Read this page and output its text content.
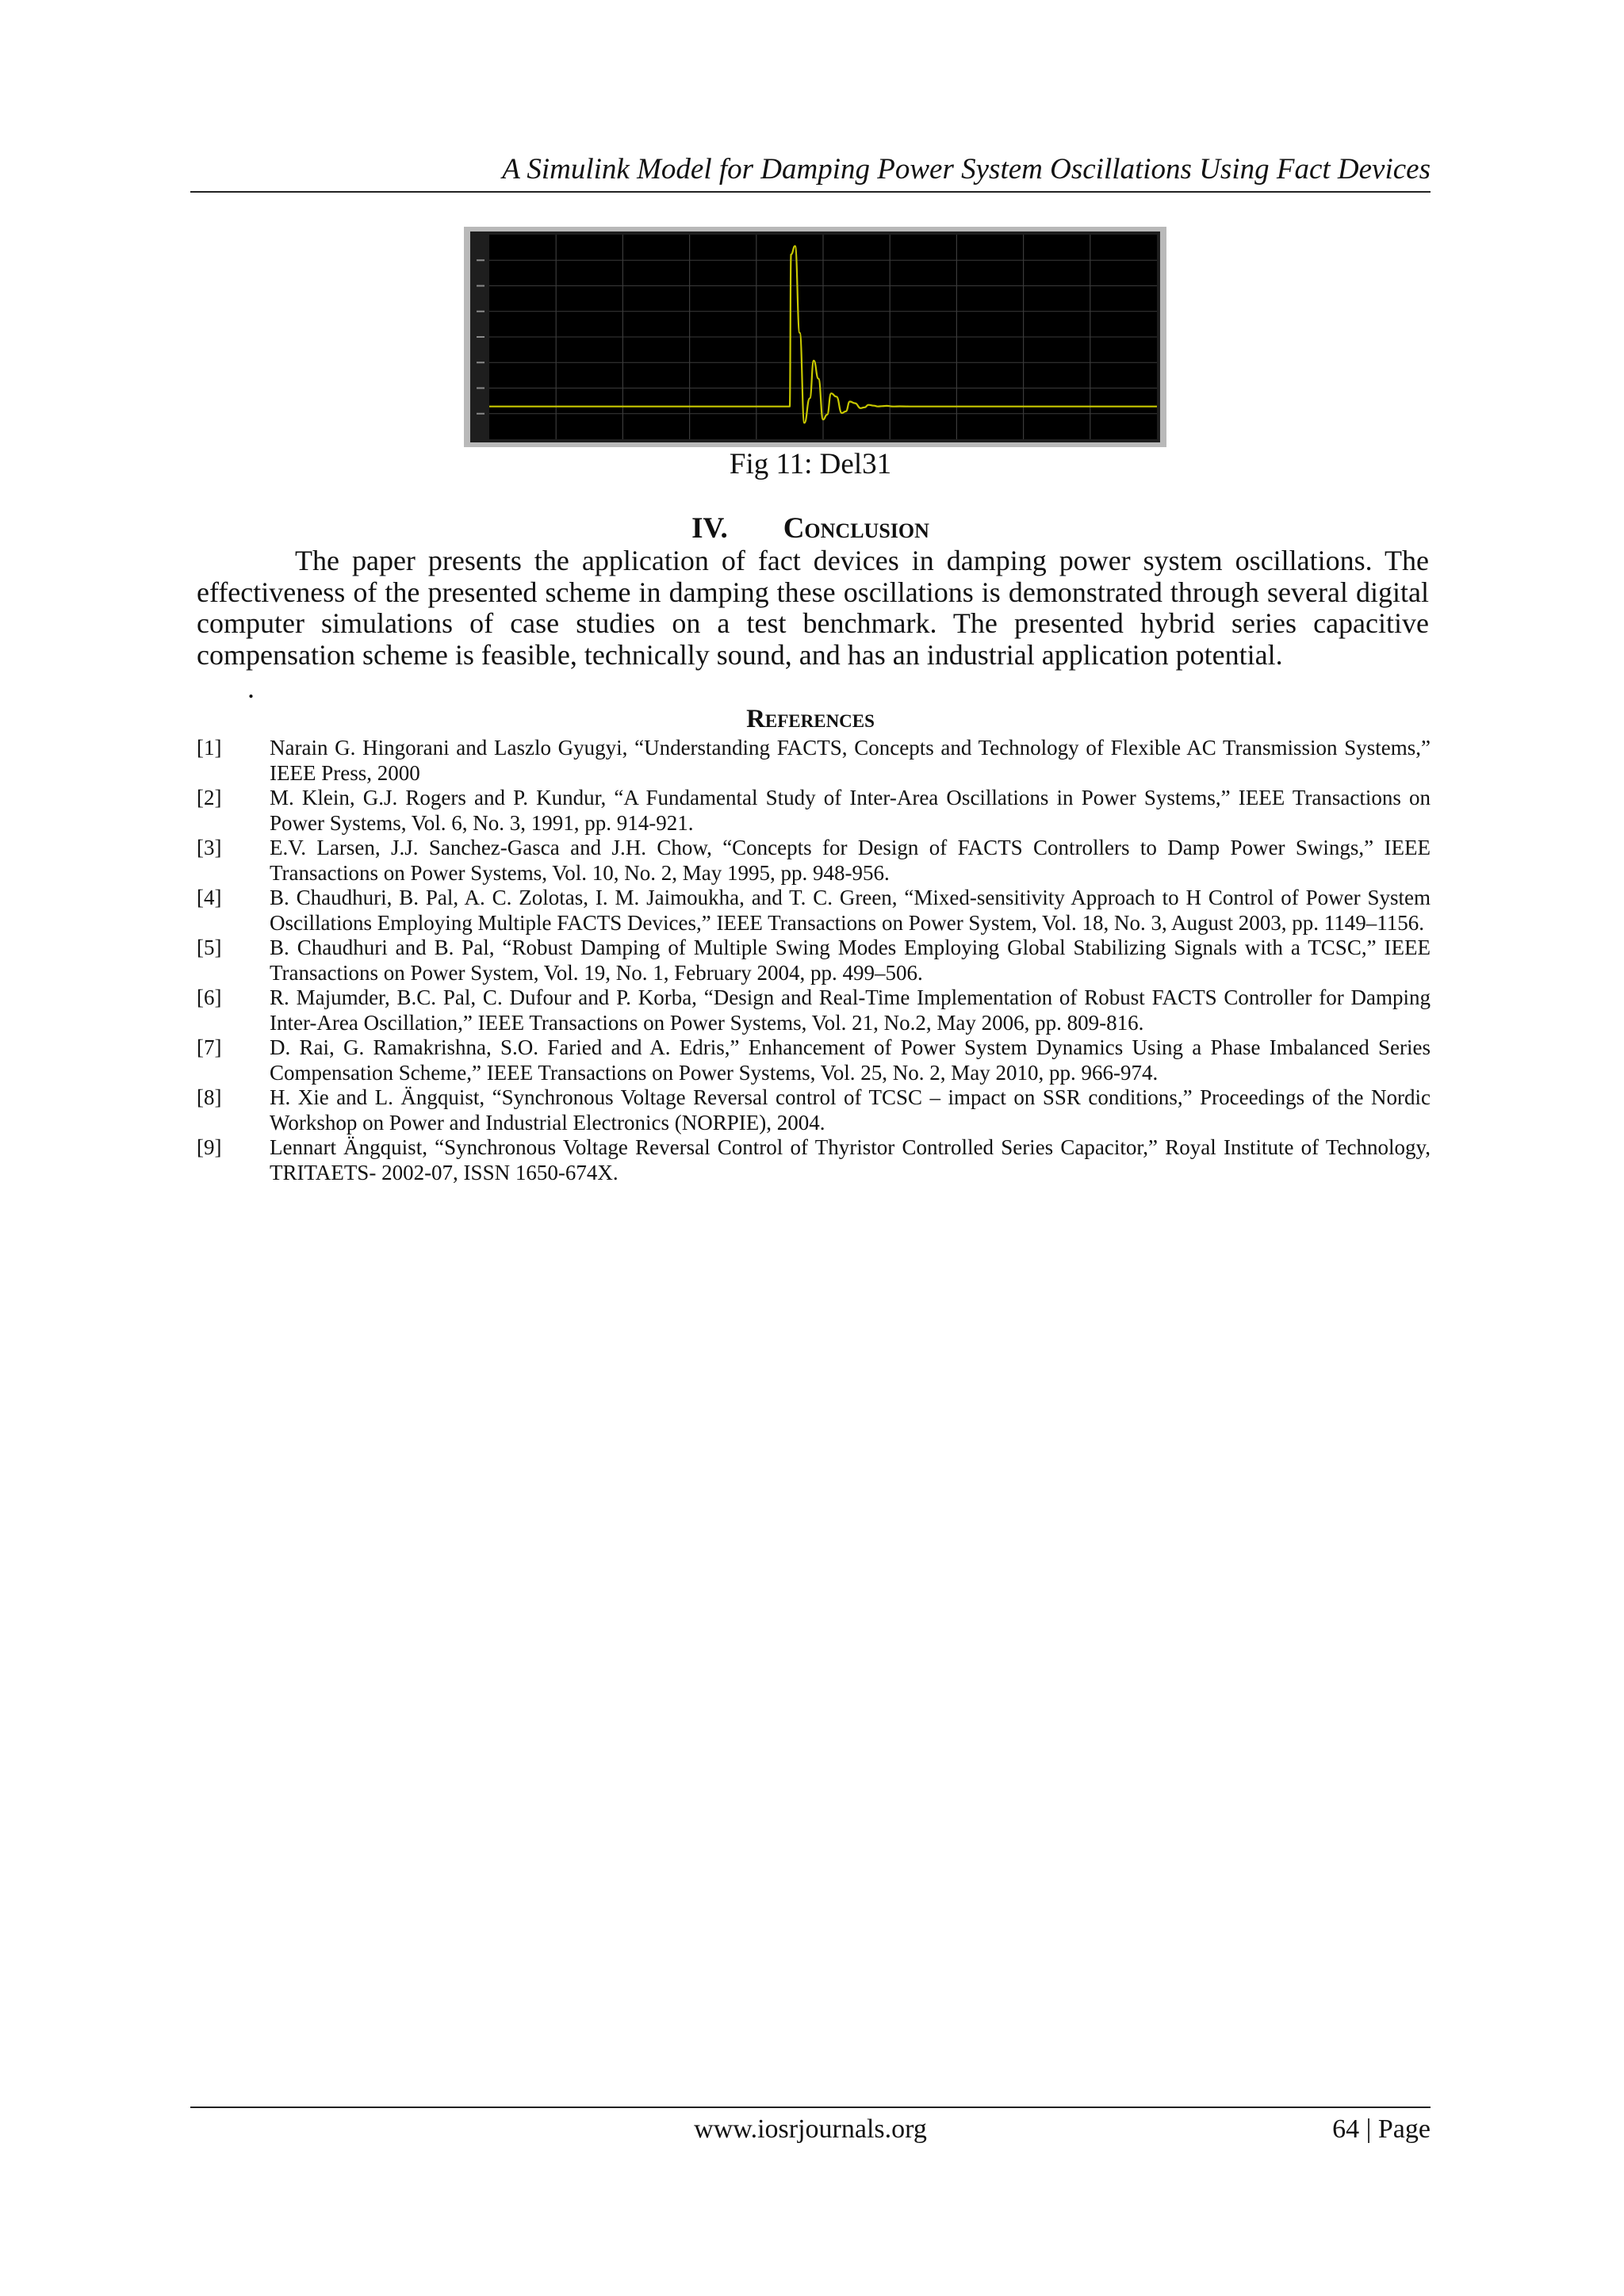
A Simulink Model for Damping Power System Oscillations Using Fact Devices
Fig 11: Del31
IV. Conclusion
The paper presents the application of fact devices in damping power system oscillations. The effectiveness of the presented scheme in damping these oscillations is demonstrated through several digital computer simulations of case studies on a test benchmark. The presented hybrid series capacitive compensation scheme is feasible, technically sound, and has an industrial application potential.
.
References
[1] Narain G. Hingorani and Laszlo Gyugyi, “Understanding FACTS, Concepts and Technology of Flexible AC Transmission Systems,” IEEE Press, 2000
[2] M. Klein, G.J. Rogers and P. Kundur, “A Fundamental Study of Inter-Area Oscillations in Power Systems,” IEEE Transactions on Power Systems, Vol. 6, No. 3, 1991, pp. 914-921.
[3] E.V. Larsen, J.J. Sanchez-Gasca and J.H. Chow, “Concepts for Design of FACTS Controllers to Damp Power Swings,” IEEE Transactions on Power Systems, Vol. 10, No. 2, May 1995, pp. 948-956.
[4] B. Chaudhuri, B. Pal, A. C. Zolotas, I. M. Jaimoukha, and T. C. Green, “Mixed-sensitivity Approach to H Control of Power System Oscillations Employing Multiple FACTS Devices,” IEEE Transactions on Power System, Vol. 18, No. 3, August 2003, pp. 1149–1156.
[5] B. Chaudhuri and B. Pal, “Robust Damping of Multiple Swing Modes Employing Global Stabilizing Signals with a TCSC,” IEEE Transactions on Power System, Vol. 19, No. 1, February 2004, pp. 499–506.
[6] R. Majumder, B.C. Pal, C. Dufour and P. Korba, “Design and Real-Time Implementation of Robust FACTS Controller for Damping Inter-Area Oscillation,” IEEE Transactions on Power Systems, Vol. 21, No.2, May 2006, pp. 809-816.
[7] D. Rai, G. Ramakrishna, S.O. Faried and A. Edris,” Enhancement of Power System Dynamics Using a Phase Imbalanced Series Compensation Scheme,” IEEE Transactions on Power Systems, Vol. 25, No. 2, May 2010, pp. 966-974.
[8] H. Xie and L. Ängquist, “Synchronous Voltage Reversal control of TCSC – impact on SSR conditions,” Proceedings of the Nordic Workshop on Power and Industrial Electronics (NORPIE), 2004.
[9] Lennart Ängquist, “Synchronous Voltage Reversal Control of Thyristor Controlled Series Capacitor,” Royal Institute of Technology, TRITAETS- 2002-07, ISSN 1650-674X.
www.iosrjournals.org	64 | Page
